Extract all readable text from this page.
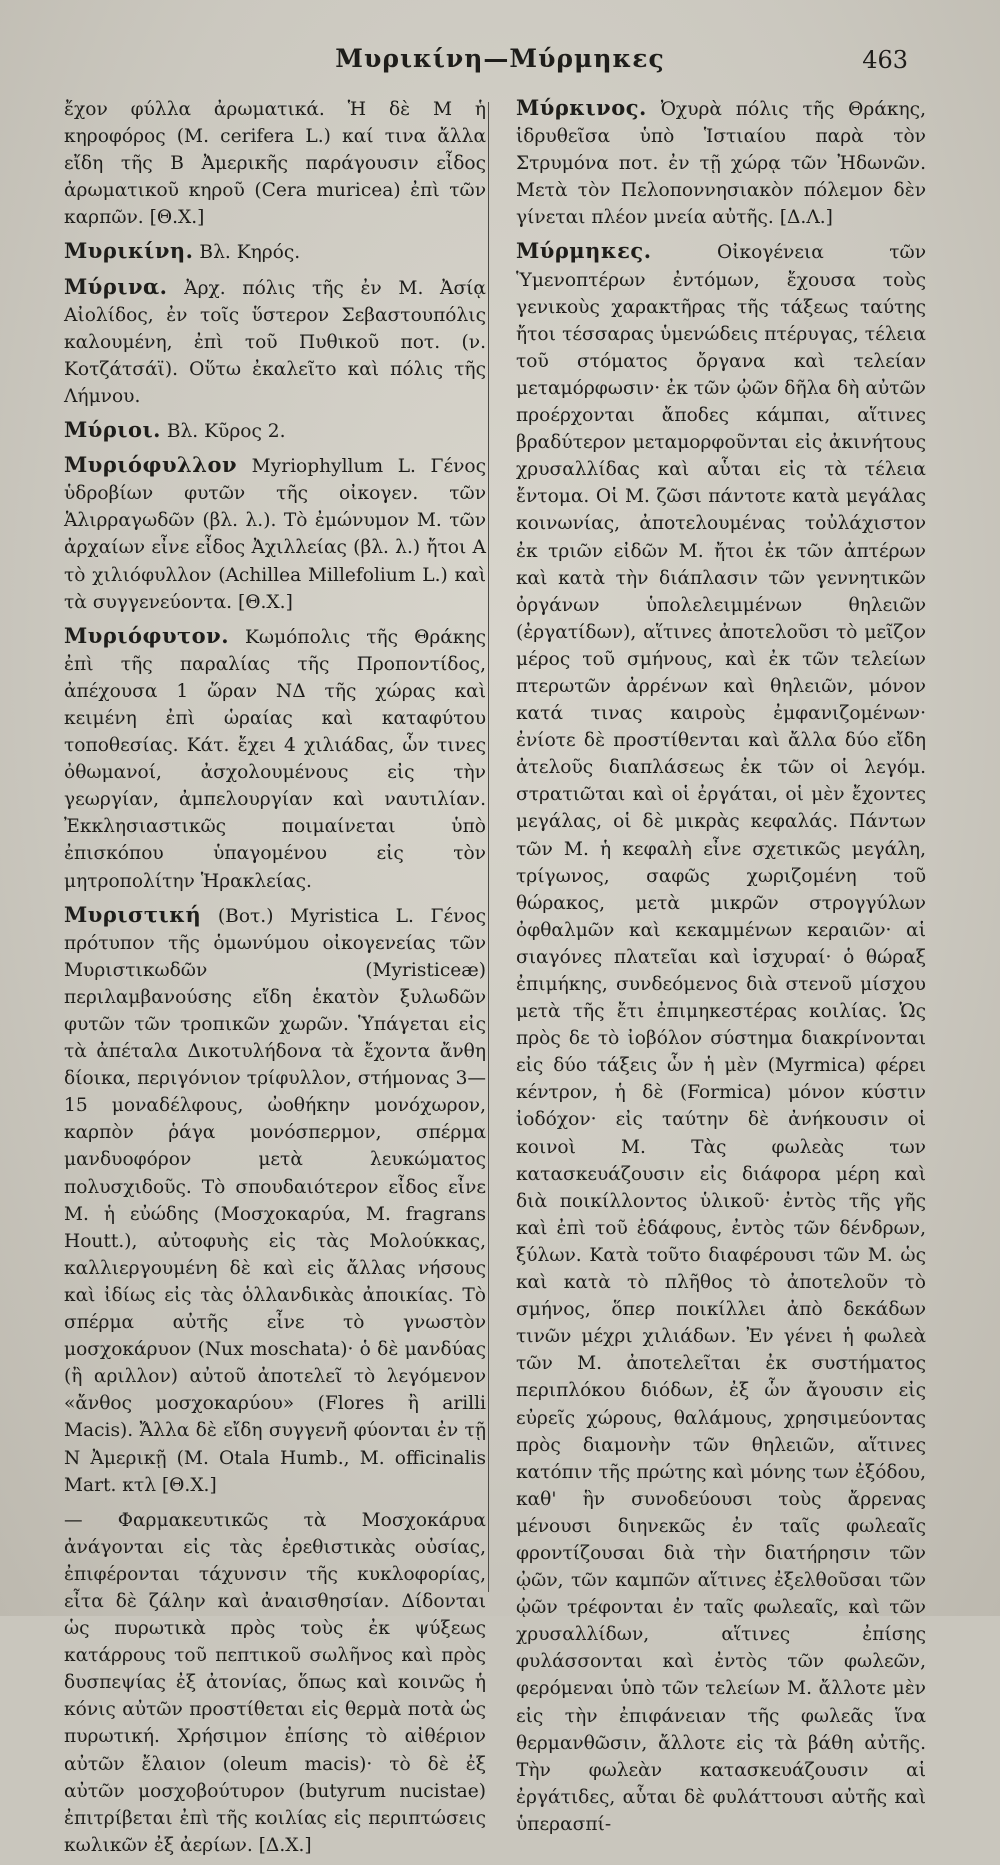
Μυρικίνη—Μύρμηκες	463

ἔχον φύλλα ἀρωματικά. Ἡ δὲ Μ ἡ κηροφόρος (Μ. cerifera L.) καί τινα ἄλλα εἴδη τῆς Β Ἀμερικῆς παράγουσιν εἶδος ἀρωματικοῦ κηροῦ (Cera muricea) ἐπὶ τῶν καρπῶν. [Θ.Χ.]

Μυρικίνη. Βλ. Κηρός.

Μύρινα. Ἀρχ. πόλις τῆς ἐν Μ. Ἀσίᾳ Αἰολίδος, ἐν τοῖς ὕστερον Σεβαστουπόλις καλουμένη, ἐπὶ τοῦ Πυθικοῦ ποτ. (ν. Κοτζάτσάϊ). Οὕτω ἐκαλεῖτο καὶ πόλις τῆς Λήμνου.

Μύριοι. Βλ. Κῦρος 2.

Μυριόφυλλον Myriophyllum L. Γένος ὑδροβίων φυτῶν τῆς οἰκογεν. τῶν Ἁλιρραγωδῶν (βλ. λ.). Τὸ ἐμώνυμον Μ. τῶν ἀρχαίων εἶνε εἶδος Ἀχιλλείας (βλ. λ.) ἤτοι Α τὸ χιλιόφυλλον (Achillea Millefolium L.) καὶ τὰ συγγενεύοντα. [Θ.Χ.]

Μυριόφυτον. Κωμόπολις τῆς Θράκης ἐπὶ τῆς παραλίας τῆς Προποντίδος, ἀπέχουσα 1 ὥραν ΝΔ τῆς χώρας καὶ κειμένη ἐπὶ ὡραίας καὶ καταφύτου τοποθεσίας. Κάτ. ἔχει 4 χιλιάδας, ὧν τινες ὀθωμανοί, ἀσχολουμένους εἰς τὴν γεωργίαν, ἀμπελουργίαν καὶ ναυτιλίαν. Ἐκκλησιαστικῶς ποιμαίνεται ὑπὸ ἐπισκόπου ὑπαγομένου εἰς τὸν μητροπολίτην Ἡρακλείας.

Μυριστική (Βοτ.) Myristica L. Γένος πρότυπον τῆς ὁμωνύμου οἰκογενείας τῶν Μυριστικωδῶν (Myristiceæ) περιλαμβανούσης εἴδη ἑκατὸν ξυλωδῶν φυτῶν τῶν τροπικῶν χωρῶν. Ὑπάγεται εἰς τὰ ἀπέταλα Δικοτυλήδονα τὰ ἔχοντα ἄνθη δίοικα, περιγόνιον τρίφυλλον, στήμονας 3—15 μοναδέλφους, ὠοθήκην μονόχωρον, καρπὸν ῥάγα μονόσπερμον, σπέρμα μανδυοφόρον μετὰ λευκώματος πολυσχιδοῦς. Τὸ σπουδαιότερον εἶδος εἶνε Μ. ἡ εὐώδης (Μοσχοκαρύα, Μ. fragrans Houtt.), αὐτοφυὴς εἰς τὰς Μολούκκας, καλλιεργουμένη δὲ καὶ εἰς ἄλλας νήσους καὶ ἰδίως εἰς τὰς ὁλλανδικὰς ἀποικίας. Τὸ σπέρμα αὐτῆς εἶνε τὸ γνωστὸν μοσχοκάρυον (Nux moschata)· ὁ δὲ μανδύας (ἢ αριλλον) αὐτοῦ ἀποτελεῖ τὸ λεγόμενον «ἄνθος μοσχοκαρύου» (Flores ἢ arilli Macis). Ἄλλα δὲ εἴδη συγγενῆ φύονται ἐν τῇ Ν Ἀμερικῇ (Μ. Otala Humb., Μ. officinalis Mart. κτλ [Θ.Χ.]

— Φαρμακευτικῶς τὰ Μοσχοκάρυα ἀνάγονται εἰς τὰς ἐρεθιστικὰς οὐσίας, ἐπιφέρονται τάχυνσιν τῆς κυκλοφορίας, εἶτα δὲ ζάλην καὶ ἀναισθησίαν. Δίδονται ὡς πυρωτικὰ πρὸς τοὺς ἐκ ψύξεως κατάρρους τοῦ πεπτικοῦ σωλῆνος καὶ πρὸς δυσπεψίας ἐξ ἀτονίας, ὅπως καὶ κοινῶς ἡ κόνις αὐτῶν προστίθεται εἰς θερμὰ ποτὰ ὡς πυρωτική. Χρήσιμον ἐπίσης τὸ αἰθέριον αὐτῶν ἔλαιον (oleum macis)· τὸ δὲ ἐξ αὐτῶν μοσχοβούτυρον (butyrum nucistae) ἐπιτρίβεται ἐπὶ τῆς κοιλίας εἰς περιπτώσεις κωλικῶν ἐξ ἀερίων. [Δ.Χ.]

Μύρκινος. Ὀχυρὰ πόλις τῆς Θράκης, ἱδρυθεῖσα ὑπὸ Ἱστιαίου παρὰ τὸν Στρυμόνα ποτ. ἐν τῇ χώρᾳ τῶν Ἠδωνῶν. Μετὰ τὸν Πελοποννησιακὸν πόλεμον δὲν γίνεται πλέον μνεία αὐτῆς. [Δ.Λ.]

Μύρμηκες.	Οἰκογένεια τῶν Ὑμενοπτέρων ἐντόμων, ἔχουσα τοὺς γενικοὺς χαρακτῆρας τῆς τάξεως ταύτης ἤτοι τέσσαρας ὑμενώδεις πτέρυγας, τέλεια τοῦ στόματος ὄργανα καὶ τελείαν μεταμόρφωσιν· ἐκ τῶν ᾠῶν δῆλα δὴ αὐτῶν προέρχονται ἄποδες κάμπαι, αἵτινες βραδύτερον μεταμορφοῦνται εἰς ἀκινήτους χρυσαλλίδας καὶ αὗται εἰς τὰ τέλεια ἔντομα. Οἱ Μ. ζῶσι πάντοτε κατὰ μεγάλας κοινωνίας, ἀποτελουμένας τοὐλάχιστον ἐκ τριῶν εἰδῶν Μ. ἤτοι ἐκ τῶν ἀπτέρων καὶ κατὰ τὴν διάπλασιν τῶν γεννητικῶν ὀργάνων ὑπολελειμμένων θηλειῶν (ἐργατίδων), αἵτινες ἀποτελοῦσι τὸ μεῖζον μέρος τοῦ σμήνους, καὶ ἐκ τῶν τελείων πτερωτῶν ἀρρένων καὶ θηλειῶν, μόνον κατά τινας καιροὺς ἐμφανιζομένων· ἐνίοτε δὲ προστίθενται καὶ ἄλλα δύο εἴδη ἀτελοῦς διαπλάσεως ἐκ τῶν οἱ λεγόμ. στρατιῶται καὶ οἱ ἐργάται, οἱ μὲν ἔχοντες μεγάλας, οἱ δὲ μικρὰς κεφαλάς. Πάντων τῶν Μ. ἡ κεφαλὴ εἶνε σχετικῶς μεγάλη, τρίγωνος, σαφῶς χωριζομένη τοῦ θώρακος, μετὰ μικρῶν στρογγύλων ὀφθαλμῶν καὶ κεκαμμένων κεραιῶν· αἱ σιαγόνες πλατεῖαι καὶ ἰσχυραί· ὁ θώραξ ἐπιμήκης, συνδεόμενος διὰ στενοῦ μίσχου μετὰ τῆς ἔτι ἐπιμηκεστέρας κοιλίας. Ὡς πρὸς δε τὸ ἰοβόλον σύστημα διακρίνονται εἰς δύο τάξεις ὧν ἡ μὲν (Myrmica) φέρει κέντρον, ἡ δὲ (Formica) μόνον κύστιν ἰοδόχον· εἰς ταύτην δὲ ἀνήκουσιν οἱ κοινοὶ Μ. Τὰς φωλεὰς των κατασκευάζουσιν εἰς διάφορα μέρη καὶ διὰ ποικίλλοντος ὑλικοῦ· ἐντὸς τῆς γῆς καὶ ἐπὶ τοῦ ἐδάφους, ἐντὸς τῶν δένδρων, ξύλων. Κατὰ τοῦτο διαφέρουσι τῶν Μ. ὡς καὶ κατὰ τὸ πλῆθος τὸ ἀποτελοῦν τὸ σμήνος, ὅπερ ποικίλλει ἀπὸ δεκάδων τινῶν μέχρι χιλιάδων. Ἐν γένει ἡ φωλεὰ τῶν Μ. ἀποτελεῖται ἐκ συστήματος περιπλόκου διόδων, ἐξ ὧν ἄγουσιν εἰς εὐρεῖς χώρους, θαλάμους, χρησιμεύοντας πρὸς διαμονὴν τῶν θηλειῶν, αἵτινες κατόπιν τῆς πρώτης καὶ μόνης των ἐξόδου, καθ' ἣν συνοδεύουσι τοὺς ἄρρενας μένουσι διηνεκῶς ἐν ταῖς φωλεαῖς φροντίζουσαι διὰ τὴν διατήρησιν τῶν ᾠῶν, τῶν καμπῶν αἵτινες ἐξελθοῦσαι τῶν ᾠῶν τρέφονται ἐν ταῖς φωλεαῖς, καὶ τῶν χρυσαλλίδων, αἵτινες ἐπίσης φυλάσσονται καὶ ἐντὸς τῶν φωλεῶν, φερόμεναι ὑπὸ τῶν τελείων Μ. ἄλλοτε μὲν εἰς τὴν ἐπιφάνειαν τῆς φωλεᾶς ἵνα θερμανθῶσιν, ἄλλοτε εἰς τὰ βάθη αὐτῆς. Τὴν φωλεὰν κατασκευάζουσιν αἱ ἐργάτιδες, αὗται δὲ φυλάττουσι αὐτῆς καὶ ὑπερασπί-
